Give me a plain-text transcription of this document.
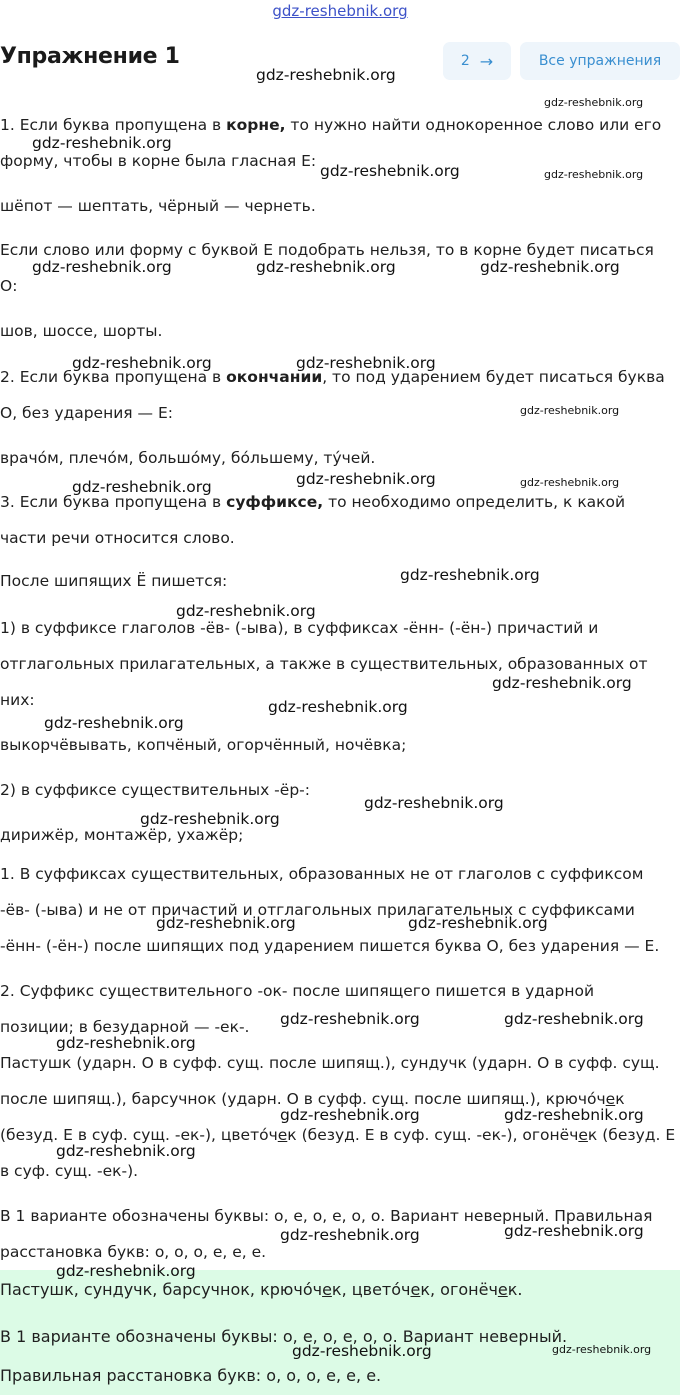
gdz-reshebnik.org
Упражнение 1	2 →	Все упражнения
1. Если буква пропущена в корне, то нужно найти однокоренное слово или его
форму, чтобы в корне была гласная Е:
шёпот — шептать, чёрный — чернеть.
Если слово или форму с буквой Е подобрать нельзя, то в корне будет писаться
О:
шов, шоссе, шорты.
2. Если буква пропущена в окончании, то под ударением будет писаться буква
О, без ударения — Е:
врачо́м, плечо́м, большо́му, бо́льшему, ту́чей.
3. Если буква пропущена в суффиксе, то необходимо определить, к какой
части речи относится слово.
После шипящих Ё пишется:
1) в суффиксе глаголов -ёв- (-ыва), в суффиксах -ённ- (-ён-) причастий и
отглагольных прилагательных, а также в существительных, образованных от
них:
выкорчёвывать, копчёный, огорчённый, ночёвка;
2) в суффиксе существительных -ёр-:
дирижёр, монтажёр, ухажёр;
1. В суффиксах существительных, образованных не от глаголов с суффиксом
-ёв- (-ыва) и не от причастий и отглагольных прилагательных с суффиксами
-ённ- (-ён-) после шипящих под ударением пишется буква О, без ударения — Е.
2. Суффикс существительного -ок- после шипящего пишется в ударной
позиции; в безударной — -ек-.
Пастушк (ударн. О в суфф. сущ. после шипящ.), сундучк (ударн. О в суфф. сущ.
после шипящ.), барсучнок (ударн. О в суфф. сущ. после шипящ.), крючо́чек
(безуд. Е в суф. сущ. -ек-), цвето́чек (безуд. Е в суф. сущ. -ек-), огонёчек (безуд. Е
в суф. сущ. -ек-).
В 1 варианте обозначены буквы: о, е, о, е, о, о. Вариант неверный. Правильная
расстановка букв: о, о, о, е, е, е.
Пастушк, сундучк, барсучнок, крючо́чек, цвето́чек, огонёчек.
В 1 варианте обозначены буквы: о, е, о, е, о, о. Вариант неверный.
Правильная расстановка букв: о, о, о, е, е, е.
gdz-reshebnik.org
gdz-reshebnik.org
gdz-reshebnik.org
gdz-reshebnik.org	gdz-reshebnik.org
gdz-reshebnik.org	gdz-reshebnik.org	gdz-reshebnik.org
gdz-reshebnik.org	gdz-reshebnik.org
gdz-reshebnik.org
gdz-reshebnik.org	gdz-reshebnik.org
gdz-reshebnik.org
gdz-reshebnik.org
gdz-reshebnik.org
gdz-reshebnik.org
gdz-reshebnik.org
gdz-reshebnik.org
gdz-reshebnik.org
gdz-reshebnik.org
gdz-reshebnik.org	gdz-reshebnik.org
gdz-reshebnik.org	gdz-reshebnik.org
gdz-reshebnik.org
gdz-reshebnik.org	gdz-reshebnik.org
gdz-reshebnik.org
gdz-reshebnik.org	gdz-reshebnik.org
gdz-reshebnik.org
gdz-reshebnik.org	gdz-reshebnik.org
